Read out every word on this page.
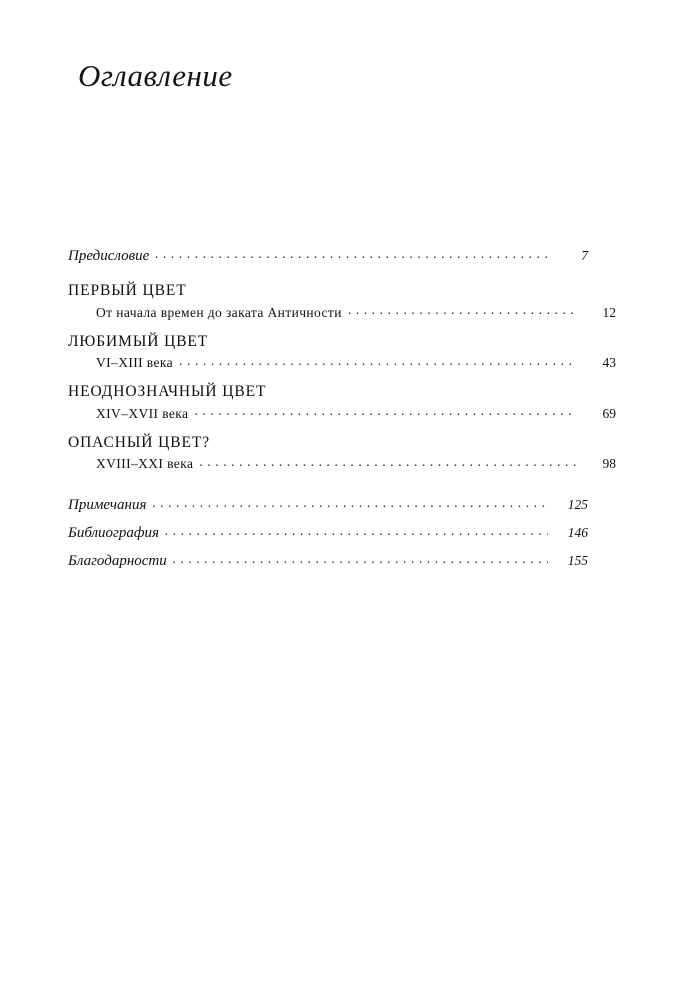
Оглавление
Предисловие . . .	7
ПЕРВЫЙ ЦВЕТ
От начала времен до заката Античности . . .	12
ЛЮБИМЫЙ ЦВЕТ
VI–XIII века . . .	43
НЕОДНОЗНАЧНЫЙ ЦВЕТ
XIV–XVII века . . .	69
ОПАСНЫЙ ЦВЕТ?
XVIII–XXI века . . .	98
Примечания . . .	125
Библиография . . .	146
Благодарности . . .	155
